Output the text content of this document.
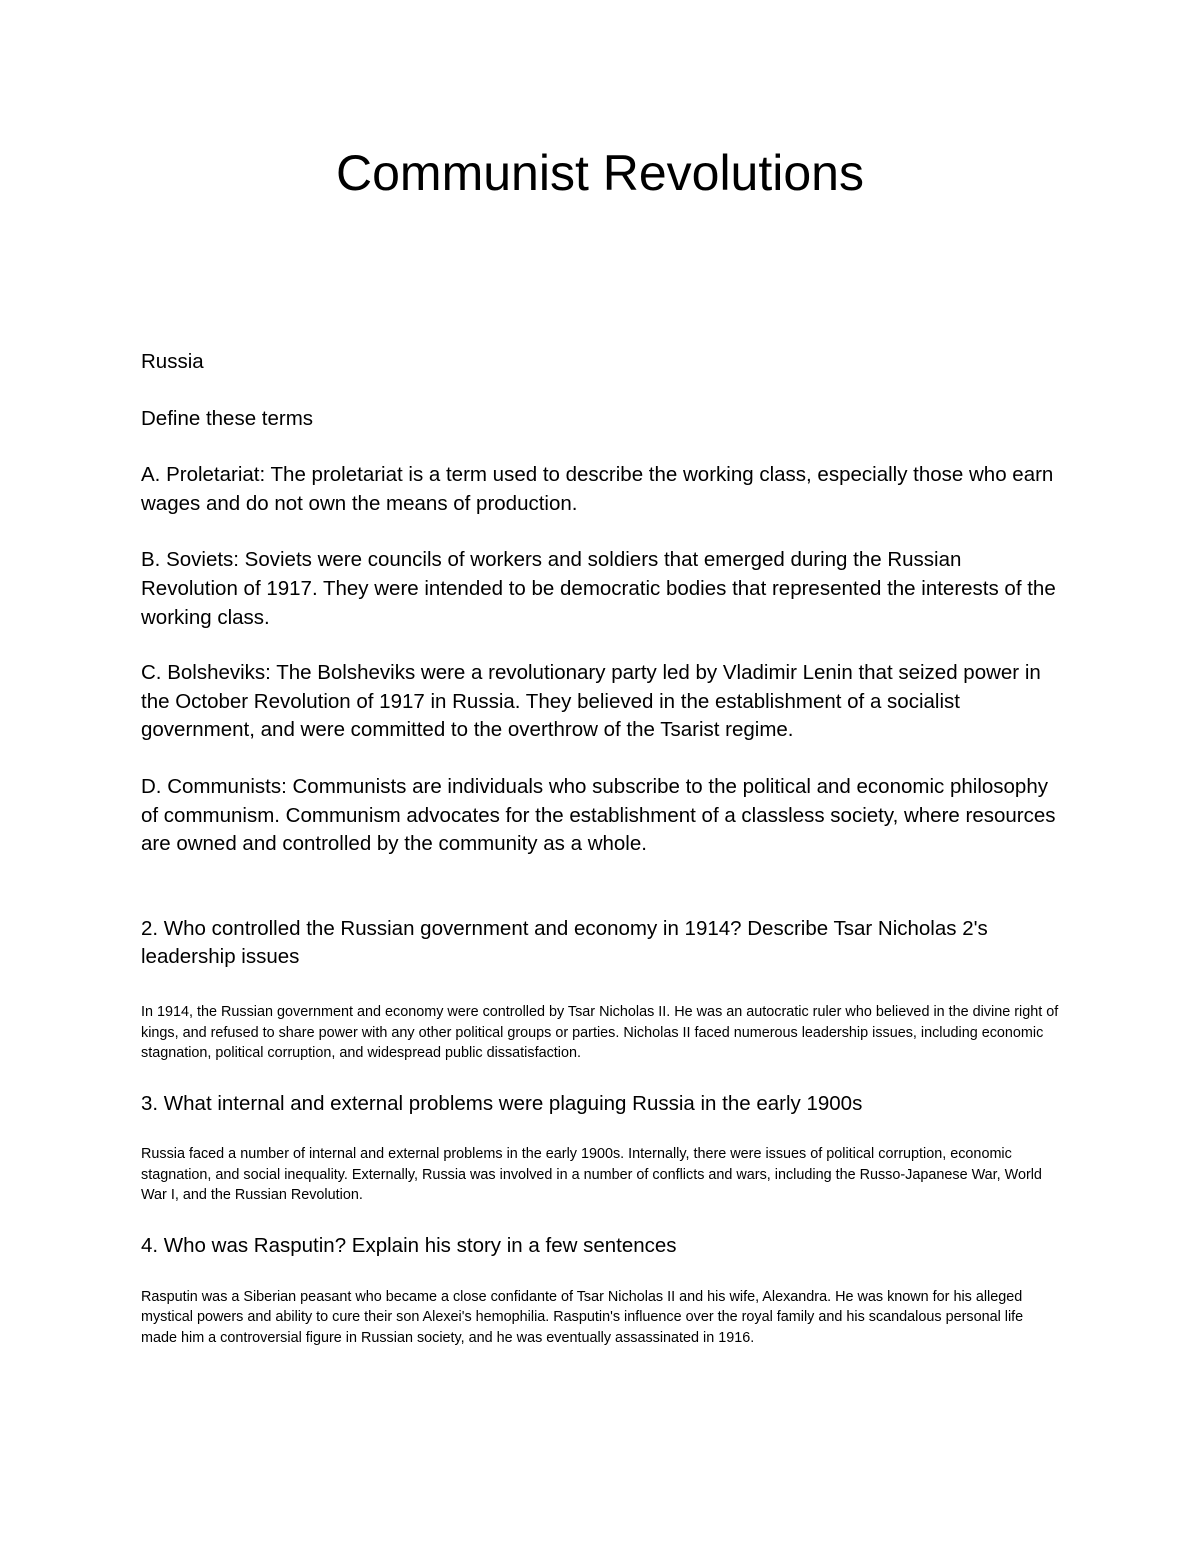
Communist Revolutions

Russia

Define these terms

A. Proletariat: The proletariat is a term used to describe the working class, especially those who earn wages and do not own the means of production.

B. Soviets: Soviets were councils of workers and soldiers that emerged during the Russian Revolution of 1917. They were intended to be democratic bodies that represented the interests of the working class.

C. Bolsheviks: The Bolsheviks were a revolutionary party led by Vladimir Lenin that seized power in the October Revolution of 1917 in Russia. They believed in the establishment of a socialist government, and were committed to the overthrow of the Tsarist regime.

D. Communists: Communists are individuals who subscribe to the political and economic philosophy of communism. Communism advocates for the establishment of a classless society, where resources are owned and controlled by the community as a whole.

2. Who controlled the Russian government and economy in 1914? Describe Tsar Nicholas 2's leadership issues

In 1914, the Russian government and economy were controlled by Tsar Nicholas II. He was an autocratic ruler who believed in the divine right of kings, and refused to share power with any other political groups or parties. Nicholas II faced numerous leadership issues, including economic stagnation, political corruption, and widespread public dissatisfaction.

3. What internal and external problems were plaguing Russia in the early 1900s

Russia faced a number of internal and external problems in the early 1900s. Internally, there were issues of political corruption, economic stagnation, and social inequality. Externally, Russia was involved in a number of conflicts and wars, including the Russo-Japanese War, World War I, and the Russian Revolution.

4. Who was Rasputin? Explain his story in a few sentences

Rasputin was a Siberian peasant who became a close confidante of Tsar Nicholas II and his wife, Alexandra. He was known for his alleged mystical powers and ability to cure their son Alexei's hemophilia. Rasputin's influence over the royal family and his scandalous personal life made him a controversial figure in Russian society, and he was eventually assassinated in 1916.
